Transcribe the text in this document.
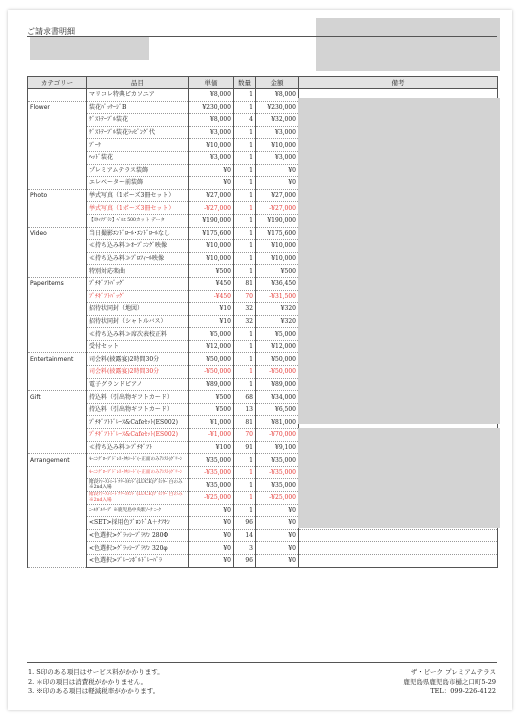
ご請求書明細
カテゴリー	品目	単価	数量	金額	備考
	マリコレ特典ピカソニア	¥8,000	1	¥8,000	
Flower	装花ﾊﾟｯｹｰｼﾞB	¥230,000	1	¥230,000	
	ｹﾞｽﾄﾃｰﾌﾞﾙ装花	¥8,000	4	¥32,000	
	ｹﾞｽﾄﾃｰﾌﾞﾙ装花ﾗｯﾋﾟﾝｸﾞ代	¥3,000	1	¥3,000	
	ﾌﾞｰｹ	¥10,000	1	¥10,000	
	ﾍｯﾄﾞ装花	¥3,000	1	¥3,000	
	プレミアムテラス装飾	¥0	1	¥0	
	エレベーター前装飾	¥0	1	¥0	
Photo	挙式写真（1ポーズ3冊セット）	¥27,000	1	¥27,000	
	挙式写真（1ポーズ3冊セット）	-¥27,000	1	-¥27,000	
	【ｽﾀｯﾌﾌﾟﾗﾝ】ﾍﾞﾙｴ 500カット データ	¥190,000	1	¥190,000	
Video	当日撮影ｴﾝﾄﾞﾛｰﾙ･ｴﾝﾄﾞﾛｰﾙなし	¥175,600	1	¥175,600	
	≪持ち込み料≫ｵｰﾌﾟﾆﾝｸﾞ映像	¥10,000	1	¥10,000	
	≪持ち込み料≫ﾌﾟﾛﾌｨｰﾙ映像	¥10,000	1	¥10,000	
	特別対応楽曲	¥500	1	¥500	
PaperItems	ﾌﾟﾁｷﾞﾌﾄﾊﾞｯｸﾞ	¥450	81	¥36,450	
	ﾌﾟﾁｷﾞﾌﾄﾊﾞｯｸﾞ	-¥450	70	-¥31,500	
	招待状同封（地図）	¥10	32	¥320	
	招待状同封（シャトルバス）	¥10	32	¥320	
	≪持ち込み料≫席次表校正料	¥5,000	1	¥5,000	
	受付セット	¥12,000	1	¥12,000	
Entertainment	司会料(披露宴)2時間30分	¥50,000	1	¥50,000	
	司会料(披露宴)2時間30分	-¥50,000	1	-¥50,000	
	電子グランドピアノ	¥89,000	1	¥89,000	
Gift	持込料（引出物ギフトカード）	¥500	68	¥34,000	
	持込料（引出物ギフトカード）	¥500	13	¥6,500	
	ﾌﾟﾁｷﾞﾌﾄﾄﾞﾚｰｽ&Cafeｾｯﾄ(ES002)	¥1,000	81	¥81,000	
	ﾌﾟﾁｷﾞﾌﾄﾄﾞﾚｰｽ&Cafeｾｯﾄ(ES002)	-¥1,000	70	-¥70,000	
	≪持ち込み料≫ﾌﾟﾁｷﾞﾌﾄ	¥100	91	¥9,100	
Arrangement	ﾓｰﾆﾝｸﾞﾛｰﾌﾞﾄﾞﾚｽ･ﾀｷｼｰﾄﾞ(ｰ正面のみｱｼｽﾄ)ｸﾞﾘｰﾝ	¥35,000	1	¥35,000	
	ﾓｰﾆﾝｸﾞﾛｰﾌﾞﾄﾞﾚｽ･ﾀｷｼｰﾄﾞ(ｰ正面のみｱｼｽﾄ)ｸﾞﾘｰﾝ	-¥35,000	1	-¥35,000	
	階段ﾌｧｰｽﾄﾐｰﾄ ﾂﾘｰｽﾀﾝﾄﾞ(LUCE)ﾌﾟﾗﾝﾀｰ 白のみ※2nd入場	¥35,000	1	¥35,000	
	階段ﾌｧｰｽﾄﾐｰﾄ ﾂﾘｰｽﾀﾝﾄﾞ(LUCE)ﾌﾟﾗﾝﾀｰ 白のみ※2nd入場	-¥25,000	1	-¥25,000	
	ﾆｰﾙﾀﾞﾙﾘｰﾌﾟ ※鹿児島中央駅ﾉｰｸ ﾆｰｸ	¥0	1	¥0	
	<SET>採用色ﾌﾞﾛﾝﾄﾞA＋ﾅﾌｷﾝ	¥0	96	¥0	
	<色選択>ｸﾞﾗｯｼｰﾌﾟﾗﾜﾝ 280Φ	¥0	14	¥0	
	<色選択>ｸﾞﾗｯｼｰﾌﾟﾗﾜﾝ 320φ	¥0	3	¥0	
	<色選択>ﾌﾞﾚｰﾝﾎﾞﾙﾄﾞﾚｰﾊﾟﾗ	¥0	96	¥0	
1. S印のある項目はサービス料がかかります。
2. ＊印の項目は消費税がかかりません。
3. ※印のある項目は軽減税率がかかります。
ザ・ピーク プレミアムテラス
鹿児島県鹿児島市樋之口町5-29
TEL：099-226-4122
